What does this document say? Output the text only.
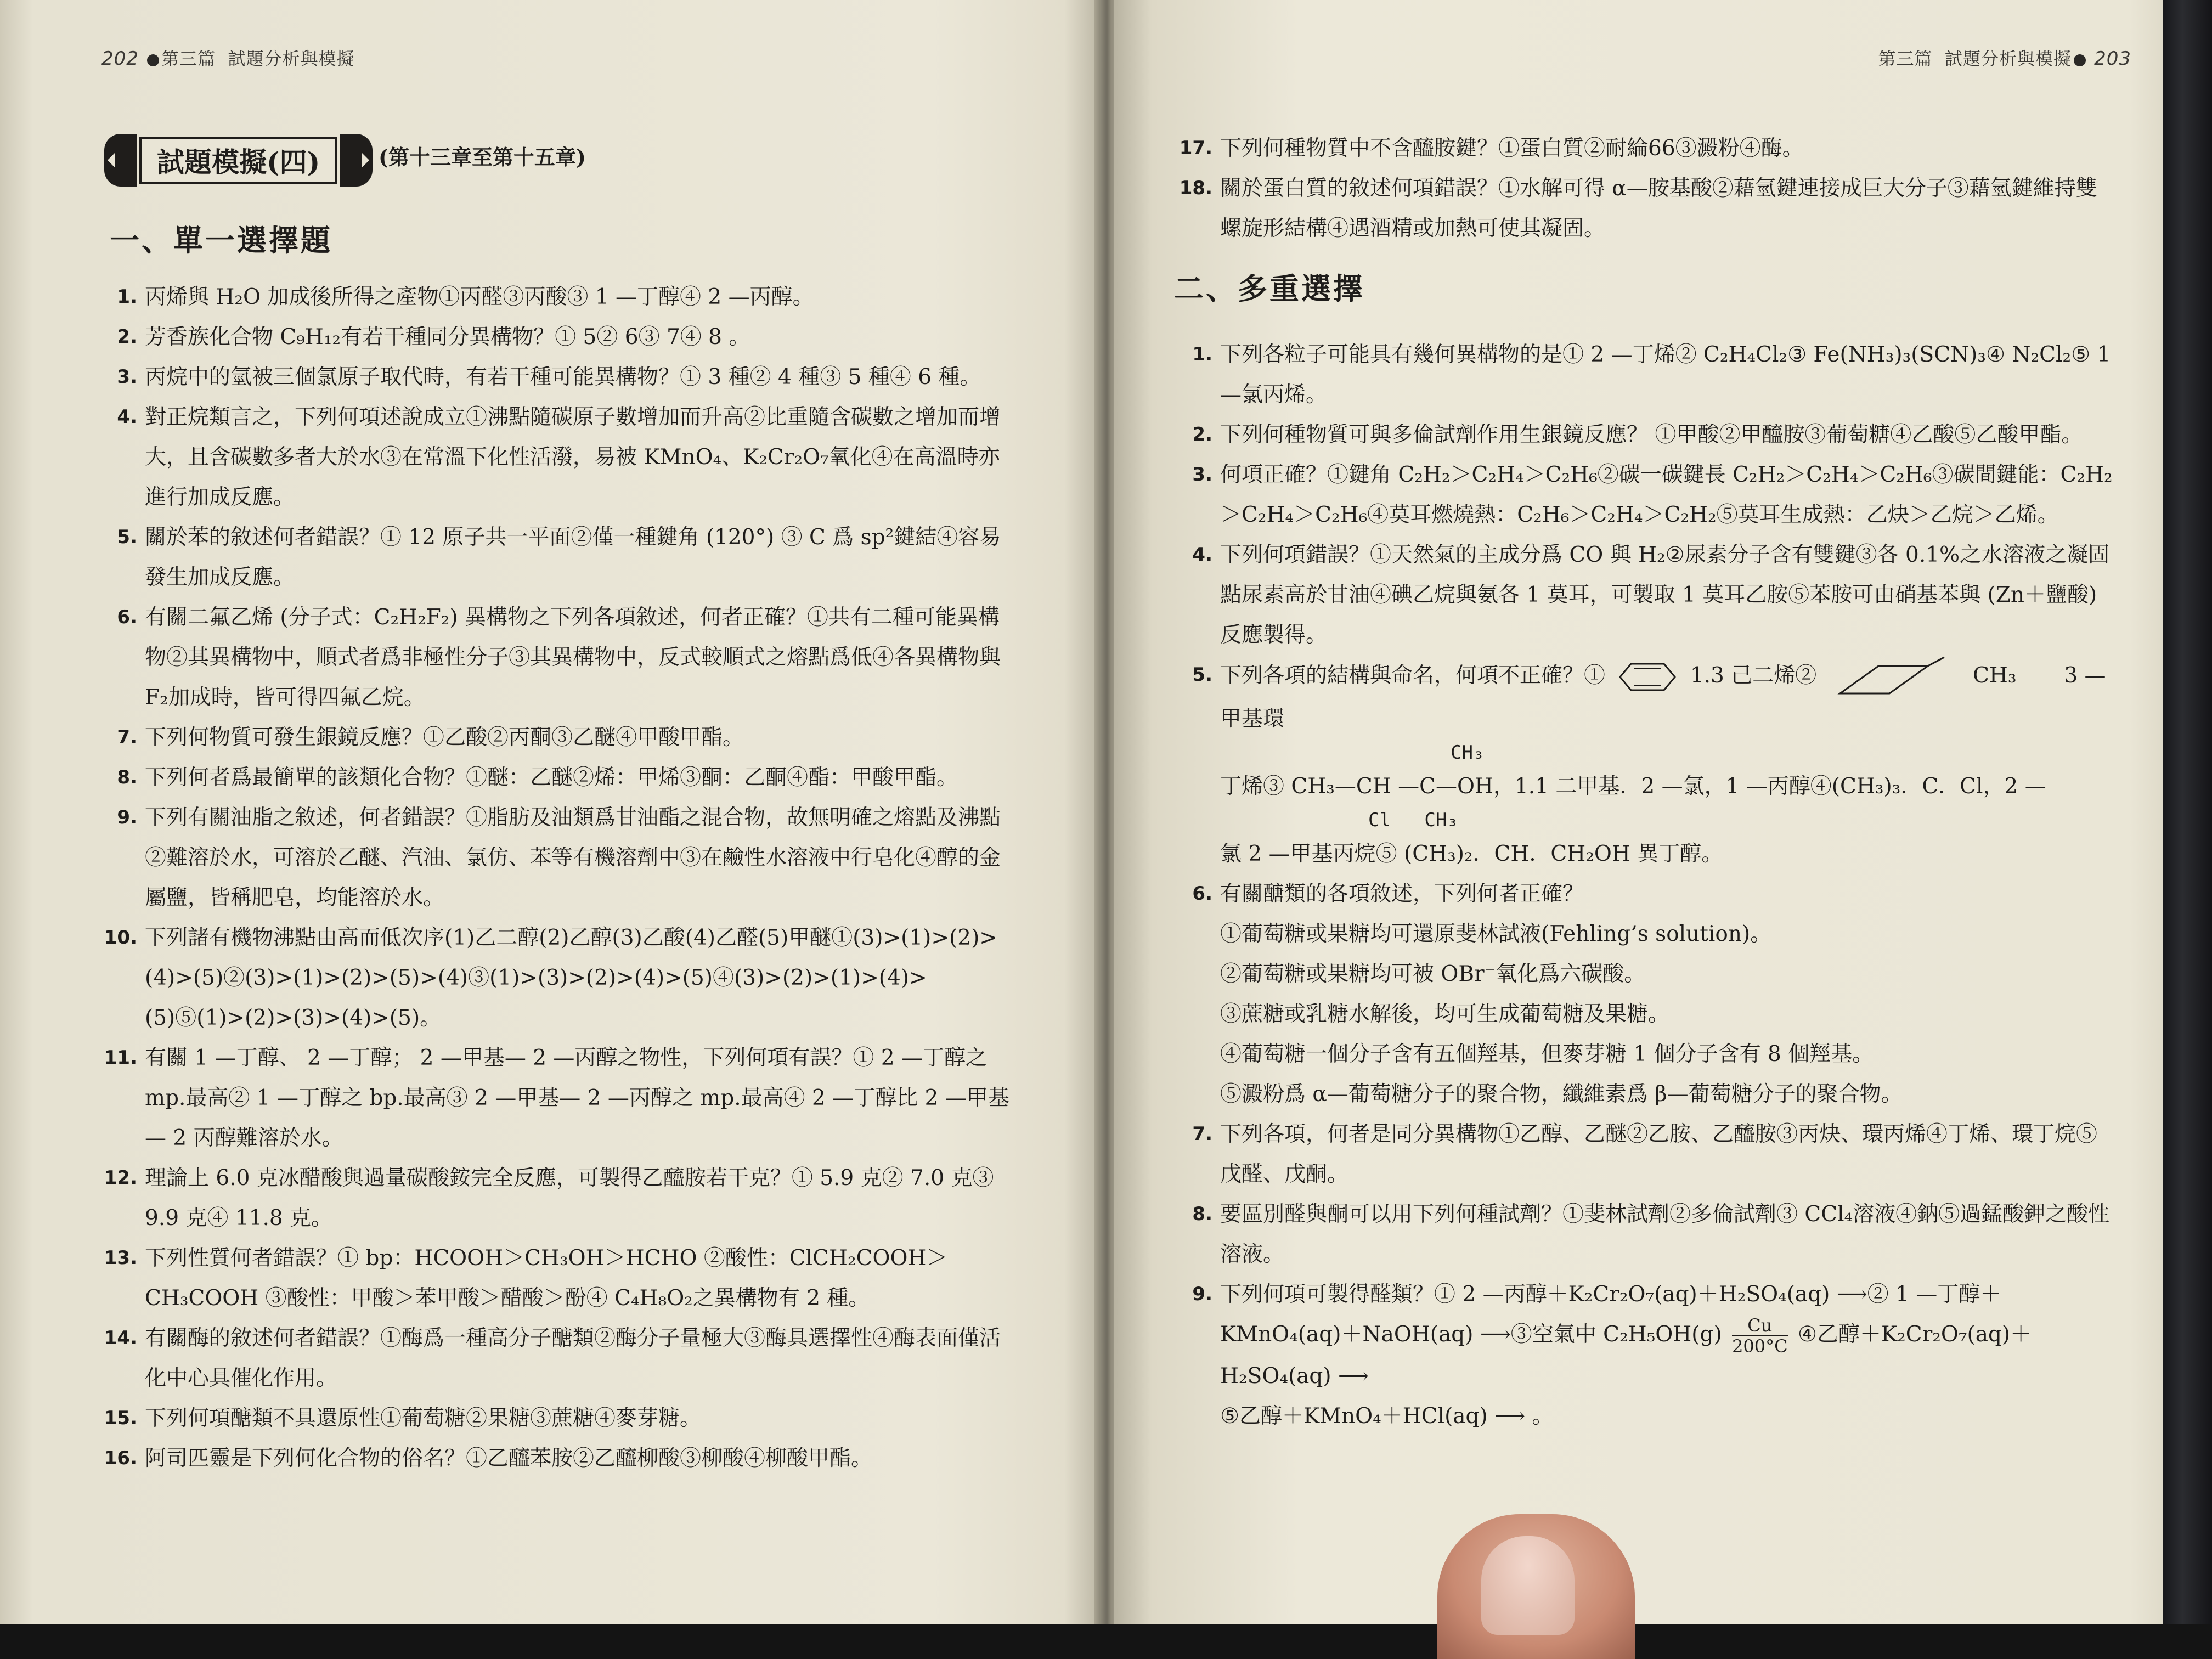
202 第三篇 試題分析與模擬
試題模擬(四)	(第十三章至第十五章)
一、單一選擇題
1. 丙烯與 H₂O 加成後所得之產物①丙醛③丙酸③ 1 —丁醇④ 2 —丙醇。
2. 芳香族化合物 C₉H₁₂有若干種同分異構物？① 5② 6③ 7④ 8 。
3. 丙烷中的氫被三個氯原子取代時，有若干種可能異構物？① 3 種② 4 種③ 5 種④ 6 種。
4. 對正烷類言之，下列何項述說成立①沸點隨碳原子數增加而升高②比重隨含碳數之增加而增大，且含碳數多者大於水③在常溫下化性活潑，易被 KMnO₄、K₂Cr₂O₇氧化④在高溫時亦進行加成反應。
5. 關於苯的敘述何者錯誤？① 12 原子共一平面②僅一種鍵角 (120°) ③ C 爲 sp²鍵結④容易發生加成反應。
6. 有關二氟乙烯 (分子式：C₂H₂F₂) 異構物之下列各項敘述，何者正確？①共有二種可能異構物②其異構物中，順式者爲非極性分子③其異構物中，反式較順式之熔點爲低④各異構物與 F₂加成時，皆可得四氟乙烷。
7. 下列何物質可發生銀鏡反應？①乙酸②丙酮③乙醚④甲酸甲酯。
8. 下列何者爲最簡單的該類化合物？①醚：乙醚②烯：甲烯③酮：乙酮④酯：甲酸甲酯。
9. 下列有關油脂之敘述，何者錯誤？①脂肪及油類爲甘油酯之混合物，故無明確之熔點及沸點②難溶於水，可溶於乙醚、汽油、氯仿、苯等有機溶劑中③在鹼性水溶液中行皂化④醇的金屬鹽，皆稱肥皂，均能溶於水。
10. 下列諸有機物沸點由高而低次序(1)乙二醇(2)乙醇(3)乙酸(4)乙醛(5)甲醚①(3)>(1)>(2)>(4)>(5)②(3)>(1)>(2)>(5)>(4)③(1)>(3)>(2)>(4)>(5)④(3)>(2)>(1)>(4)>(5)⑤(1)>(2)>(3)>(4)>(5)。
11. 有關 1 —丁醇、 2 —丁醇； 2 —甲基— 2 —丙醇之物性，下列何項有誤？① 2 —丁醇之 mp.最高② 1 —丁醇之 bp.最高③ 2 —甲基— 2 —丙醇之 mp.最高④ 2 —丁醇比 2 —甲基— 2 丙醇難溶於水。
12. 理論上 6.0 克冰醋酸與過量碳酸銨完全反應，可製得乙醯胺若干克？① 5.9 克② 7.0 克③ 9.9 克④ 11.8 克。
13. 下列性質何者錯誤？① bp：HCOOH＞CH₃OH＞HCHO ②酸性：ClCH₂COOH＞CH₃COOH ③酸性：甲酸＞苯甲酸＞醋酸＞酚④ C₄H₈O₂之異構物有 2 種。
14. 有關酶的敘述何者錯誤？①酶爲一種高分子醣類②酶分子量極大③酶具選擇性④酶表面僅活化中心具催化作用。
15. 下列何項醣類不具還原性①葡萄糖②果糖③蔗糖④麥芽糖。
16. 阿司匹靈是下列何化合物的俗名？①乙醯苯胺②乙醯柳酸③柳酸④柳酸甲酯。
第三篇 試題分析與模擬 203
17. 下列何種物質中不含醯胺鍵？①蛋白質②耐綸66③澱粉④酶。
18. 關於蛋白質的敘述何項錯誤？①水解可得 α—胺基酸②藉氫鍵連接成巨大分子③藉氫鍵維持雙螺旋形結構④遇酒精或加熱可使其凝固。
二、多重選擇
1. 下列各粒子可能具有幾何異構物的是① 2 —丁烯② C₂H₄Cl₂③ Fe(NH₃)₃(SCN)₃④ N₂Cl₂⑤ 1 —氯丙烯。
2. 下列何種物質可與多倫試劑作用生銀鏡反應？ ①甲酸②甲醯胺③葡萄糖④乙酸⑤乙酸甲酯。
3. 何項正確？①鍵角 C₂H₂＞C₂H₄＞C₂H₆②碳一碳鍵長 C₂H₂＞C₂H₄＞C₂H₆③碳間鍵能：C₂H₂＞C₂H₄＞C₂H₆④莫耳燃燒熱：C₂H₆＞C₂H₄＞C₂H₂⑤莫耳生成熱：乙炔＞乙烷＞乙烯。
4. 下列何項錯誤？①天然氣的主成分爲 CO 與 H₂②尿素分子含有雙鍵③各 0.1%之水溶液之凝固點尿素高於甘油④碘乙烷與氨各 1 莫耳，可製取 1 莫耳乙胺⑤苯胺可由硝基苯與 (Zn＋鹽酸) 反應製得。
5. 下列各項的結構與命名，何項不正確？①	1.3 己二烯②	CH₃ 3 —甲基環
CH₃
丁烯③ CH₃—CH —C—OH，1.1 二甲基．2 —氯，1 —丙醇④(CH₃)₃．C．Cl，2 —
Cl   CH₃
氯 2 —甲基丙烷⑤ (CH₃)₂．CH．CH₂OH 異丁醇。
6. 有關醣類的各項敘述，下列何者正確？
①葡萄糖或果糖均可還原斐林試液(Fehling’s solution)。
②葡萄糖或果糖均可被 OBr⁻氧化爲六碳酸。
③蔗糖或乳糖水解後，均可生成葡萄糖及果糖。
④葡萄糖一個分子含有五個羥基，但麥芽糖 1 個分子含有 8 個羥基。
⑤澱粉爲 α—葡萄糖分子的聚合物，纖維素爲 β—葡萄糖分子的聚合物。
7. 下列各項，何者是同分異構物①乙醇、乙醚②乙胺、乙醯胺③丙炔、環丙烯④丁烯、環丁烷⑤戊醛、戊酮。
8. 要區別醛與酮可以用下列何種試劑？①斐林試劑②多倫試劑③ CCl₄溶液④鈉⑤過錳酸鉀之酸性溶液。
9. 下列何項可製得醛類？① 2 —丙醇＋K₂Cr₂O₇(aq)＋H₂SO₄(aq) ⟶② 1 —丁醇＋KMnO₄(aq)＋NaOH(aq) ⟶③空氣中 $C_2H_5OH(g) \frac{Cu}{200^\circ C}$ ④乙醇＋K₂Cr₂O₇(aq)＋ H₂SO₄(aq) ⟶
⑤乙醇＋KMnO₄＋HCl(aq) ⟶ 。
